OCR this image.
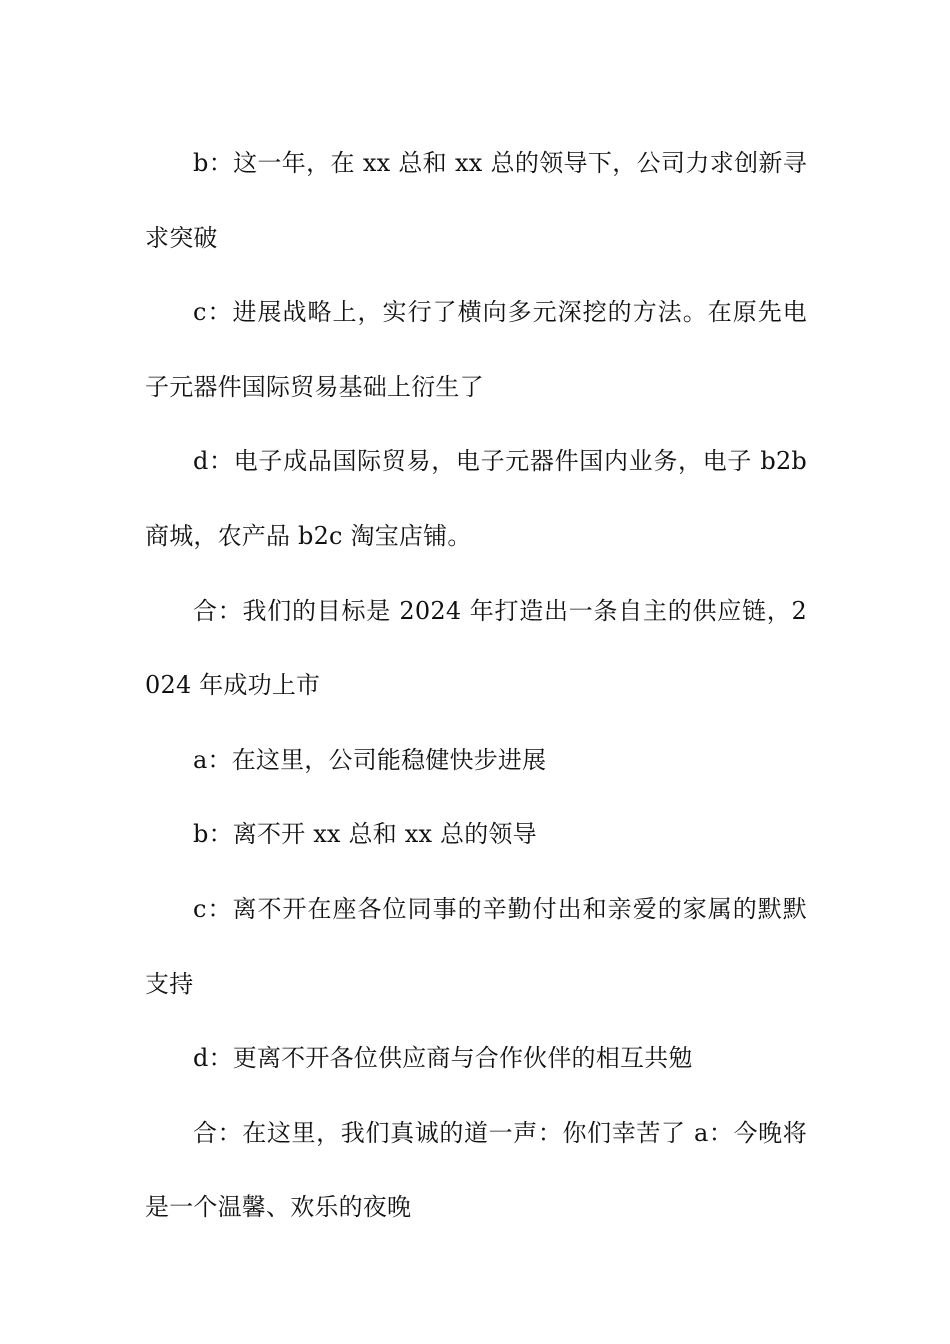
b：这一年，在 xx 总和 xx 总的领导下，公司力求创新寻求突破

c：进展战略上，实行了横向多元深挖的方法。在原先电子元器件国际贸易基础上衍生了

d：电子成品国际贸易，电子元器件国内业务，电子 b2b 商城，农产品 b2c 淘宝店铺。

合：我们的目标是 2024 年打造出一条自主的供应链，2024 年成功上市

a：在这里，公司能稳健快步进展

b：离不开 xx 总和 xx 总的领导

c：离不开在座各位同事的辛勤付出和亲爱的家属的默默支持

d：更离不开各位供应商与合作伙伴的相互共勉

合：在这里，我们真诚的道一声：你们幸苦了 a：今晚将是一个温馨、欢乐的夜晚
